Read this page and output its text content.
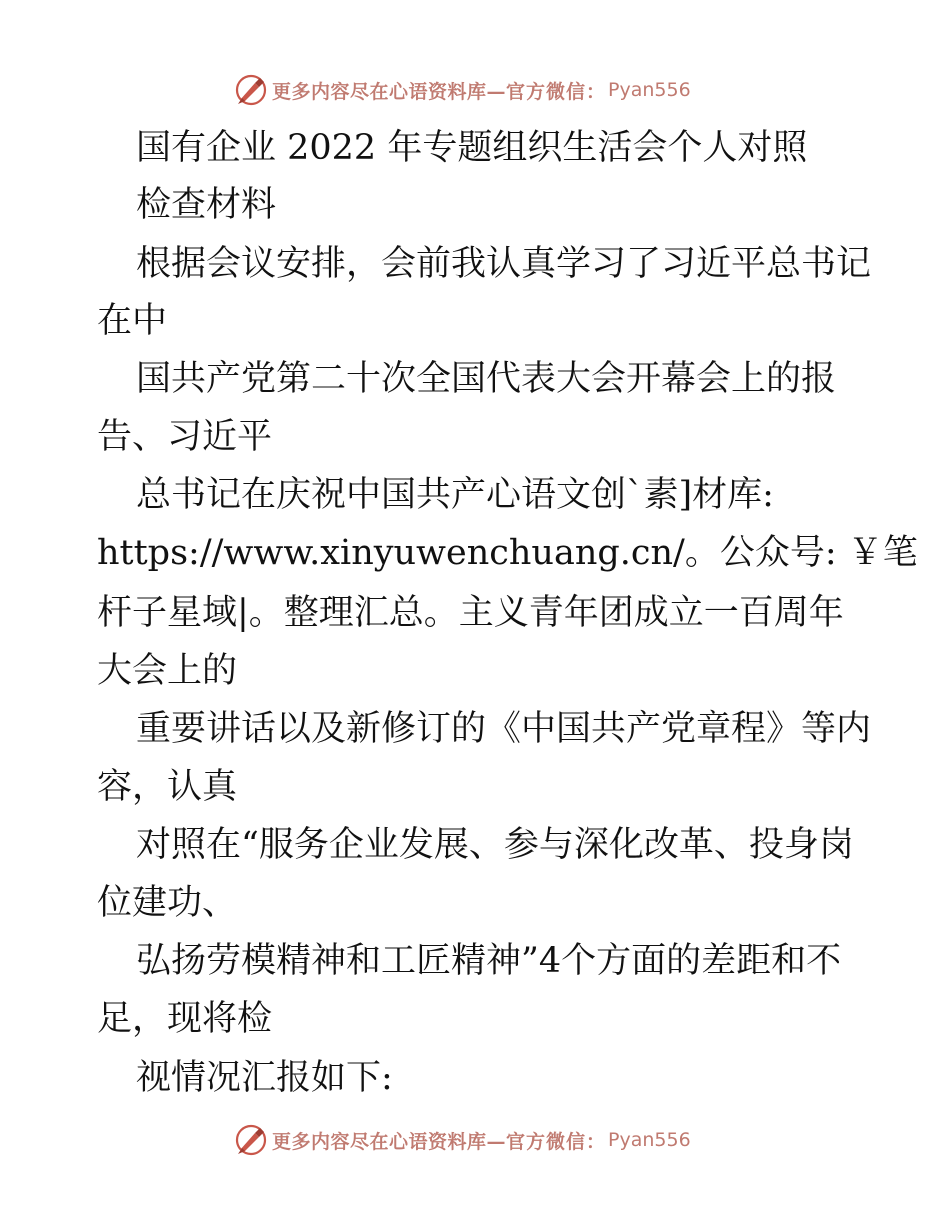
更多内容尽在心语资料库— 官方微信： Pyan556
国有企业 2022 年专题组织生活会个人对照
检查材料
根据会议安排，会前我认真学习了习近平总书记
在中
国共产党第二十次全国代表大会开幕会上的报
告、习近平
总书记在庆祝中国共产心语文创`素]材库:
https://www.xinyuwenchuang.cn/。公众号: ￥笔
杆子星域|。整理汇总。主义青年团成立一百周年
大会上的
重要讲话以及新修订的《中国共产党章程》等内
容，认真
对照在“服务企业发展、参与深化改革、投身岗
位建功、
弘扬劳模精神和工匠精神”4个方面的差距和不
足，现将检
视情况汇报如下:
更多内容尽在心语资料库— 官方微信： Pyan556
